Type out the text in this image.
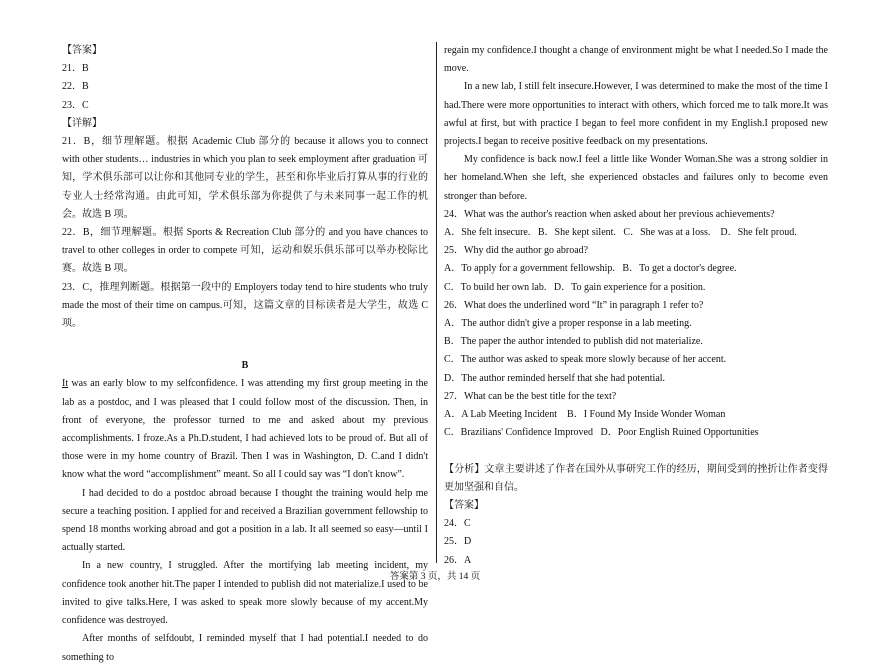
【答案】

21．B

22．B

23．C

【详解】

21．B，细节理解题。根据 Academic Club 部分的 because it allows you to connect with other students… industries in which you plan to seek employment after graduation 可知，学术俱乐部可以让你和其他同专业的学生，甚至和你毕业后打算从事的行业的专业人士经常沟通。由此可知，学术俱乐部为你提供了与未来同事一起工作的机会。故选 B 项。

22．B，细节理解题。根据 Sports & Recreation Club 部分的 and you have chances to travel to other colleges in order to compete 可知，运动和娱乐俱乐部可以举办校际比赛。故选 B 项。

23．C，推理判断题。根据第一段中的 Employers today tend to hire students who truly made the most of their time on campus.可知，这篇文章的目标读者是大学生，故选 C 项。

B

It was an early blow to my selfconfidence. I was attending my first group meeting in the lab as a postdoc, and I was pleased that I could follow most of the discussion. Then, in front of everyone, the professor turned to me and asked about my previous accomplishments. I froze.As a Ph.D.student, I had achieved lots to be proud of. But all of those were in my home country of Brazil. Then I was in Washington, D. C.and I didn't know what the word “accomplishment” meant. So all I could say was “I don't know”.

I had decided to do a postdoc abroad because I thought the training would help me secure a teaching position. I applied for and received a Brazilian government fellowship to spend 18 months working abroad and got a position in a lab. It all seemed so easy—until I actually started.

In a new country, I struggled. After the mortifying lab meeting incident, my confidence took another hit.The paper I intended to publish did not materialize.I used to be invited to give talks.Here, I was asked to speak more slowly because of my accent.My confidence was destroyed.

After months of selfdoubt, I reminded myself that I had potential.I needed to do something to

regain my confidence.I thought a change of environment might be what I needed.So I made the move.

In a new lab, I still felt insecure.However, I was determined to make the most of the time I had.There were more opportunities to interact with others, which forced me to talk more.It was awful at first, but with practice I began to feel more confident in my English.I proposed new projects.I began to receive positive feedback on my presentations.

My confidence is back now.I feel a little like Wonder Woman.She was a strong soldier in her homeland.When she left, she experienced obstacles and failures only to become even stronger than before.

24．What was the author's reaction when asked about her previous achievements?

A．She felt insecure.   B．She kept silent.   C．She was at a loss.    D．She felt proud.

25．Why did the author go abroad?

A．To apply for a government fellowship.   B．To get a doctor's degree.

C．To build her own lab.   D．To gain experience for a position.

26．What does the underlined word “It” in paragraph 1 refer to?

A．The author didn't give a proper response in a lab meeting.

B．The paper the author intended to publish did not materialize.

C．The author was asked to speak more slowly because of her accent.

D．The author reminded herself that she had potential.

27．What can be the best title for the text?

A．A Lab Meeting Incident    B．I Found My Inside Wonder Woman

C．Brazilians' Confidence Improved   D．Poor English Ruined Opportunities

【分析】文章主要讲述了作者在国外从事研究工作的经历，期间受到的挫折让作者变得更加坚强和自信。

【答案】

24．C

25．D

26．A

答案第 3 页，共 14 页
